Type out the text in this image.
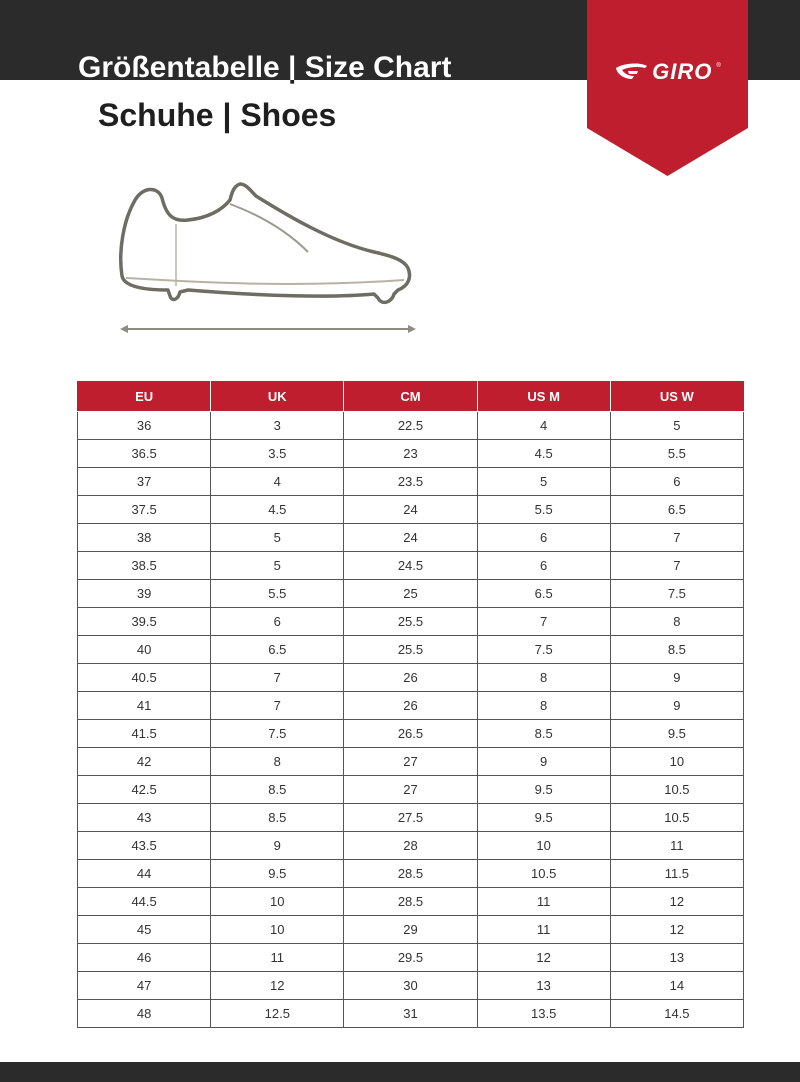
Größentabelle | Size Chart
Schuhe | Shoes
GIRO ®
EU	UK	CM	US M	US W
36	3	22.5	4	5
36.5	3.5	23	4.5	5.5
37	4	23.5	5	6
37.5	4.5	24	5.5	6.5
38	5	24	6	7
38.5	5	24.5	6	7
39	5.5	25	6.5	7.5
39.5	6	25.5	7	8
40	6.5	25.5	7.5	8.5
40.5	7	26	8	9
41	7	26	8	9
41.5	7.5	26.5	8.5	9.5
42	8	27	9	10
42.5	8.5	27	9.5	10.5
43	8.5	27.5	9.5	10.5
43.5	9	28	10	11
44	9.5	28.5	10.5	11.5
44.5	10	28.5	11	12
45	10	29	11	12
46	11	29.5	12	13
47	12	30	13	14
48	12.5	31	13.5	14.5
